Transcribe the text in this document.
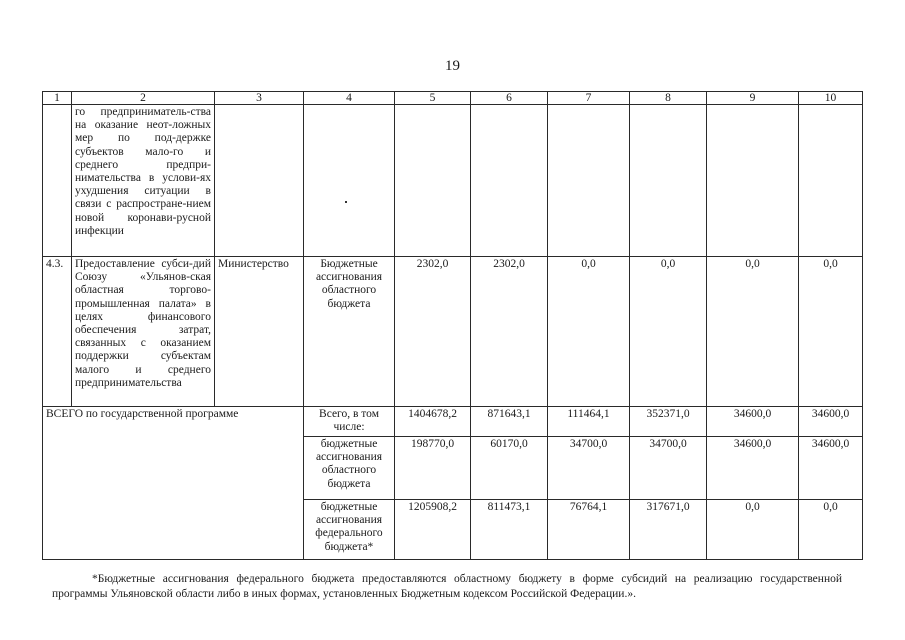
19
1	2	3	4	5	6	7	8	9	10
	го предприниматель-ства на оказание неот-ложных мер по под-держке субъектов мало-го и среднего предпри-нимательства в услови-ях ухудшения ситуации в связи с распростране-нием новой коронави-русной инфекции								
4.3.	Предоставление субси-дий Союзу «Ульянов-ская областная торгово-промышленная палата» в целях финансового обеспечения затрат, связанных с оказанием поддержки субъектам малого и среднего предпринимательства	Министерство	Бюджетные ассигнования областного бюджета	2302,0	2302,0	0,0	0,0	0,0	0,0
ВСЕГО по государственной программе			Всего, в том числе:	1404678,2	871643,1	111464,1	352371,0	34600,0	34600,0
			бюджетные ассигнования областного бюджета	198770,0	60170,0	34700,0	34700,0	34600,0	34600,0
			бюджетные ассигнования федерального бюджета*	1205908,2	811473,1	76764,1	317671,0	0,0	0,0
*Бюджетные ассигнования федерального бюджета предоставляются областному бюджету в форме субсидий на реализацию государственной программы Ульяновской области либо в иных формах, установленных Бюджетным кодексом Российской Федерации.».
